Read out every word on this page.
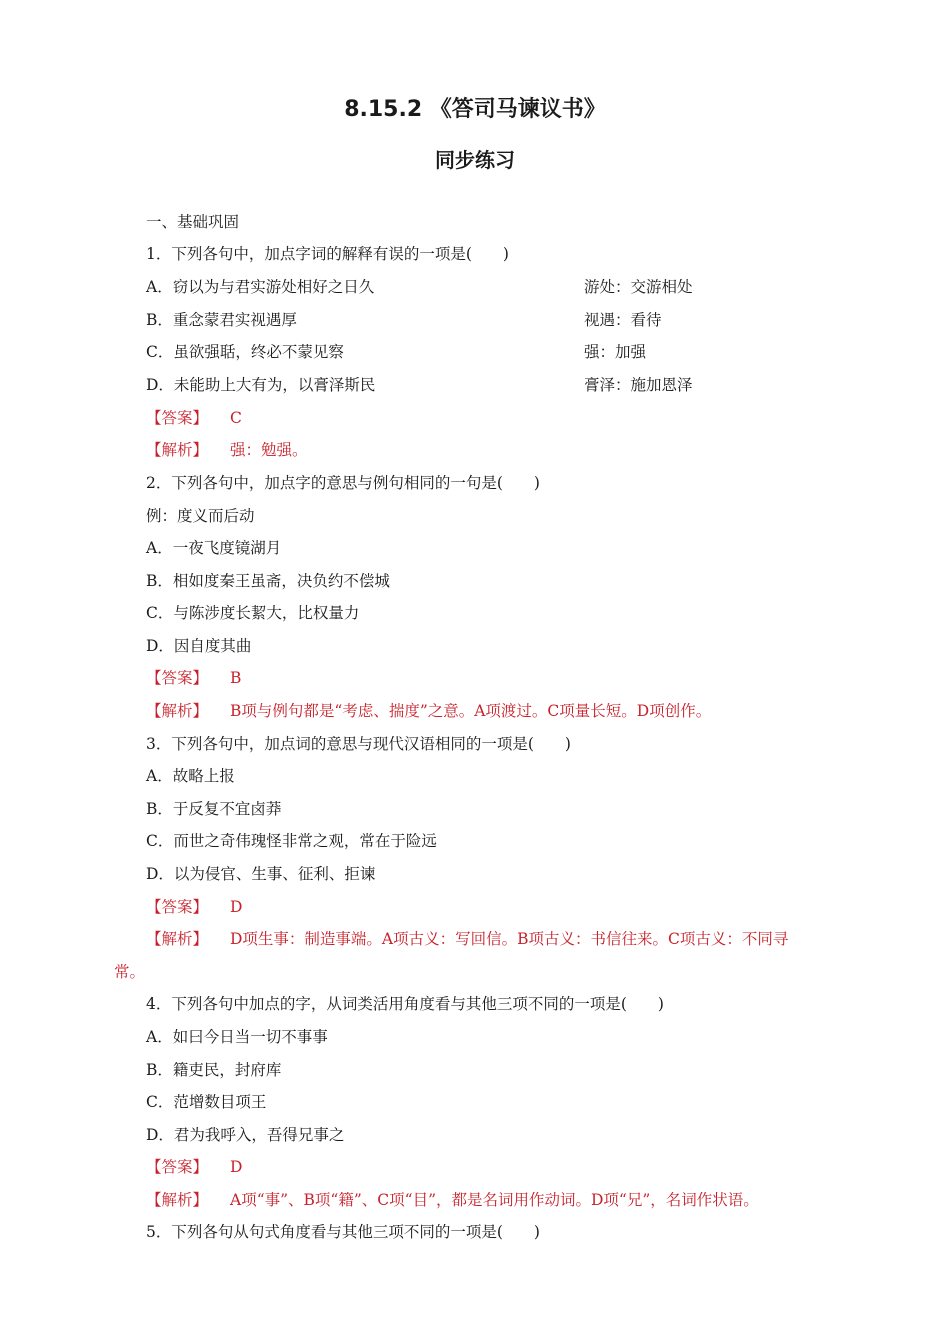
8.15.2 《答司马谏议书》
同步练习
一、基础巩固
1．下列各句中，加点字词的解释有误的一项是(　　)
A．窃以为与君实游处相好之日久	游处：交游相处
B．重念蒙君实视遇厚	视遇：看待
C．虽欲强聒，终必不蒙见察	强：加强
D．未能助上大有为，以膏泽斯民	膏泽：施加恩泽
【答案】 C
【解析】 强：勉强。
2．下列各句中，加点字的意思与例句相同的一句是(　　)
例：度义而后动
A．一夜飞度镜湖月
B．相如度秦王虽斋，决负约不偿城
C．与陈涉度长絜大，比权量力
D．因自度其曲
【答案】 B
【解析】 B项与例句都是“考虑、揣度”之意。A项渡过。C项量长短。D项创作。
3．下列各句中，加点词的意思与现代汉语相同的一项是(　　)
A．故略上报
B．于反复不宜卤莽
C．而世之奇伟瑰怪非常之观，常在于险远
D．以为侵官、生事、征利、拒谏
【答案】 D
【解析】 D项生事：制造事端。A项古义：写回信。B项古义：书信往来。C项古义：不同寻
常。
4．下列各句中加点的字，从词类活用角度看与其他三项不同的一项是(　　)
A．如曰今日当一切不事事
B．籍吏民，封府库
C．范增数目项王
D．君为我呼入，吾得兄事之
【答案】 D
【解析】 A项“事”、B项“籍”、C项“目”，都是名词用作动词。D项“兄”，名词作状语。
5．下列各句从句式角度看与其他三项不同的一项是(　　)
